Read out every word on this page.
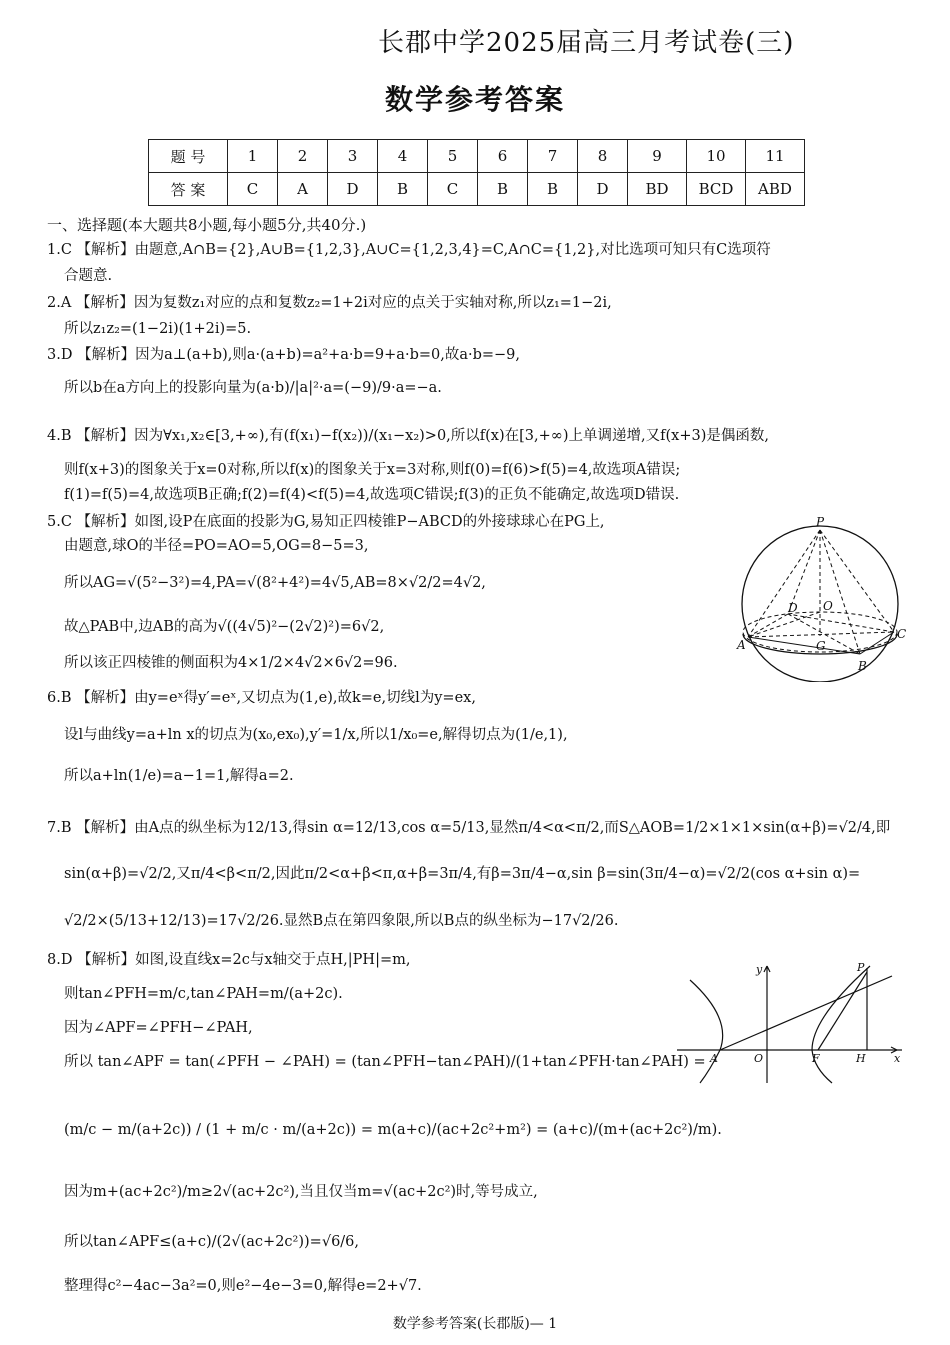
长郡中学2025届高三月考试卷(三)
数学参考答案
题 号	1	2	3	4	5	6	7	8	9	10	11
答 案	C	A	D	B	C	B	B	D	BD	BCD	ABD
一、选择题(本大题共8小题,每小题5分,共40分.)
1.C 【解析】由题意,A∩B={2},A∪B={1,2,3},A∪C={1,2,3,4}=C,A∩C={1,2},对比选项可知只有C选项符
合题意.
2.A 【解析】因为复数z₁对应的点和复数z₂=1+2i对应的点关于实轴对称,所以z₁=1−2i,
所以z₁z₂=(1−2i)(1+2i)=5.
3.D 【解析】因为a⊥(a+b),则a·(a+b)=a²+a·b=9+a·b=0,故a·b=−9,
所以b在a方向上的投影向量为(a·b)/|a|²·a=(−9)/9·a=−a.
4.B 【解析】因为∀x₁,x₂∈[3,+∞),有(f(x₁)−f(x₂))/(x₁−x₂)>0,所以f(x)在[3,+∞)上单调递增,又f(x+3)是偶函数,
则f(x+3)的图象关于x=0对称,所以f(x)的图象关于x=3对称,则f(0)=f(6)>f(5)=4,故选项A错误;
f(1)=f(5)=4,故选项B正确;f(2)=f(4)<f(5)=4,故选项C错误;f(3)的正负不能确定,故选项D错误.
5.C 【解析】如图,设P在底面的投影为G,易知正四棱锥P−ABCD的外接球球心在PG上,
由题意,球O的半径=PO=AO=5,OG=8−5=3,
所以AG=√(5²−3²)=4,PA=√(8²+4²)=4√5,AB=8×√2/2=4√2,
故△PAB中,边AB的高为√((4√5)²−(2√2)²)=6√2,
所以该正四棱锥的侧面积为4×1/2×4√2×6√2=96.
6.B 【解析】由y=eˣ得y′=eˣ,又切点为(1,e),故k=e,切线l为y=ex,
设l与曲线y=a+ln x的切点为(x₀,ex₀),y′=1/x,所以1/x₀=e,解得切点为(1/e,1),
所以a+ln(1/e)=a−1=1,解得a=2.
7.B 【解析】由A点的纵坐标为12/13,得sin α=12/13,cos α=5/13,显然π/4<α<π/2,而S△AOB=1/2×1×1×sin(α+β)=√2/4,即
sin(α+β)=√2/2,又π/4<β<π/2,因此π/2<α+β<π,α+β=3π/4,有β=3π/4−α,sin β=sin(3π/4−α)=√2/2(cos α+sin α)=
√2/2×(5/13+12/13)=17√2/26.显然B点在第四象限,所以B点的纵坐标为−17√2/26.
8.D 【解析】如图,设直线x=2c与x轴交于点H,|PH|=m,
则tan∠PFH=m/c,tan∠PAH=m/(a+2c).
因为∠APF=∠PFH−∠PAH,
所以 tan∠APF = tan(∠PFH − ∠PAH) = (tan∠PFH−tan∠PAH)/(1+tan∠PFH·tan∠PAH) =
(m/c − m/(a+2c)) / (1 + m/c · m/(a+2c)) = m(a+c)/(ac+2c²+m²) = (a+c)/(m+(ac+2c²)/m).
因为m+(ac+2c²)/m≥2√(ac+2c²),当且仅当m=√(ac+2c²)时,等号成立,
所以tan∠APF≤(a+c)/(2√(ac+2c²))=√6/6,
整理得c²−4ac−3a²=0,则e²−4e−3=0,解得e=2+√7.
P
D O
A	G
C
B
y	P
A	O	F	H	x
数学参考答案(长郡版)— 1
